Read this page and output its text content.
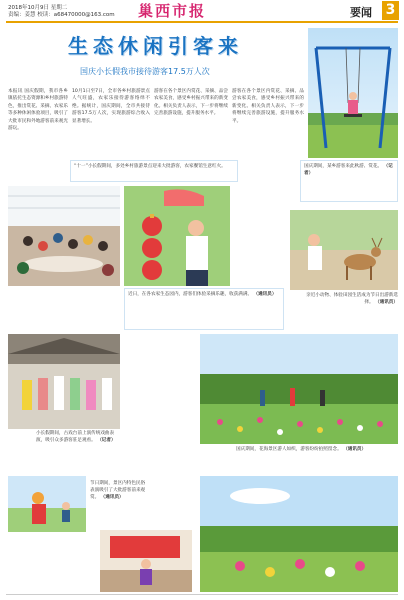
2018年10月9日 星期二
责编：姜慧 校读：a68470000@163.com 巢西市报	要闻 3
生态休闲引客来
国庆小长假我市接待游客17.5万人次
国庆期间，某乡游客来此秋游、赏花。 （记者）
本报讯 国庆假期，我市各乡镇依托生态资源和乡村旅游特色，推出赏花、采摘、农家乐等多种休闲体验项目，吸引了大批市民和外地游客前来观光游玩。
10月1日至7日，全市各乡村旅游景点人气旺盛，农家乐接待游客络绎不绝。据统计，国庆期间，全市共接待游客17.5万人次，实现旅游综合收入显著增长。
游客在各个景区内赏花、采摘、品尝农家美食，感受乡村振兴带来的新变化。相关负责人表示，下一步将继续完善旅游设施，提升服务水平。
游客在各个景区内赏花、采摘、品尝农家美食，感受乡村振兴带来的新变化。相关负责人表示，下一步将继续完善旅游设施，提升服务水平。
“十一”小长假期间，多处乡村旅游景点迎来大批游客，农家餐馆生意红火。
近日，在各农家生态园内，游客们体验采摘乐趣，收获满满。 （通讯员）	亲近小动物、体验田园生活成为节日出游新选择。 （通讯员）
小长假期间，古戏台前上演传统戏曲表演，吸引众多游客驻足观看。 （记者）
国庆期间，花海景区游人如织，游客纷纷拍照留念。 （通讯员）
节日期间，景区内特色民俗表演吸引了大批游客前来观赏。 （通讯员）
